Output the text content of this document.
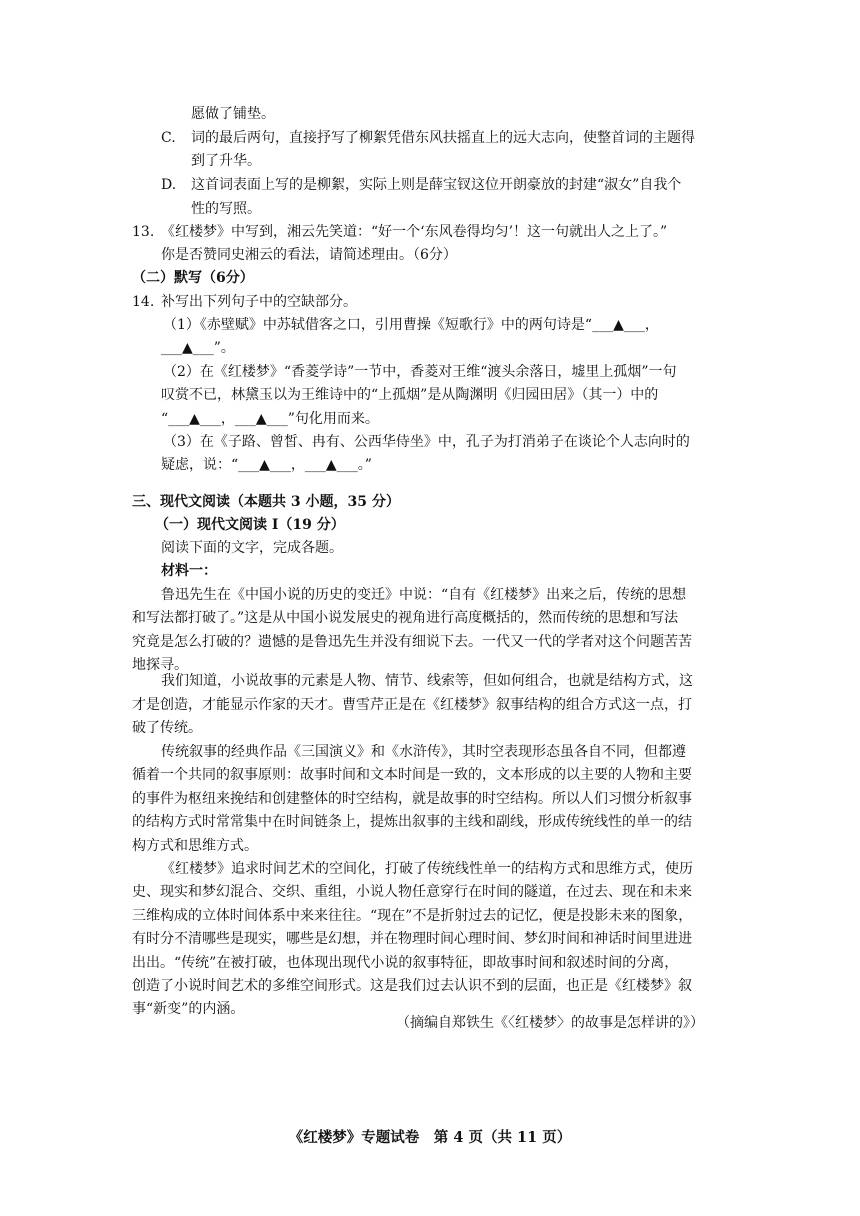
愿做了铺垫。
C. 词的最后两句，直接抒写了柳絮凭借东风扶摇直上的远大志向，使整首词的主题得
到了升华。
D. 这首词表面上写的是柳絮，实际上则是薛宝钗这位开朗豪放的封建“淑女”自我个
性的写照。
13. 《红楼梦》中写到，湘云先笑道：“好一个‘东风卷得均匀’！这一句就出人之上了。”
你是否赞同史湘云的看法，请简述理由。（6分）
（二）默写（6分）
14. 补写出下列句子中的空缺部分。
（1）《赤壁赋》中苏轼借客之口，引用曹操《短歌行》中的两句诗是“___▲___，
___▲___”。
（2）在《红楼梦》“香菱学诗”一节中，香菱对王维“渡头余落日，墟里上孤烟”一句
叹赏不已，林黛玉以为王维诗中的“上孤烟”是从陶渊明《归园田居》（其一）中的
“___▲___，___▲___”句化用而来。
（3）在《子路、曾皙、冉有、公西华侍坐》中，孔子为打消弟子在谈论个人志向时的
疑虑，说：“___▲___，___▲___。”
三、现代文阅读（本题共 3 小题，35 分）
（一）现代文阅读 I（19 分）
阅读下面的文字，完成各题。
材料一：
鲁迅先生在《中国小说的历史的变迁》中说：“自有《红楼梦》出来之后，传统的思想
和写法都打破了。”这是从中国小说发展史的视角进行高度概括的，然而传统的思想和写法
究竟是怎么打破的？遗憾的是鲁迅先生并没有细说下去。一代又一代的学者对这个问题苦苦
地探寻。
我们知道，小说故事的元素是人物、情节、线索等，但如何组合，也就是结构方式，这
才是创造，才能显示作家的天才。曹雪芹正是在《红楼梦》叙事结构的组合方式这一点，打
破了传统。
传统叙事的经典作品《三国演义》和《水浒传》，其时空表现形态虽各自不同，但都遵
循着一个共同的叙事原则：故事时间和文本时间是一致的，文本形成的以主要的人物和主要
的事件为枢纽来挽结和创建整体的时空结构，就是故事的时空结构。所以人们习惯分析叙事
的结构方式时常常集中在时间链条上，提炼出叙事的主线和副线，形成传统线性的单一的结
构方式和思维方式。
《红楼梦》追求时间艺术的空间化，打破了传统线性单一的结构方式和思维方式，使历
史、现实和梦幻混合、交织、重组，小说人物任意穿行在时间的隧道，在过去、现在和未来
三维构成的立体时间体系中来来往往。“现在”不是折射过去的记忆，便是投影未来的图象，
有时分不清哪些是现实，哪些是幻想，并在物理时间心理时间、梦幻时间和神话时间里进进
出出。“传统”在被打破，也体现出现代小说的叙事特征，即故事时间和叙述时间的分离，
创造了小说时间艺术的多维空间形式。这是我们过去认识不到的层面，也正是《红楼梦》叙
事“新变”的内涵。
（摘编自郑铁生《〈红楼梦〉的故事是怎样讲的》）
《红楼梦》专题试卷　第 4 页（共 11 页）
